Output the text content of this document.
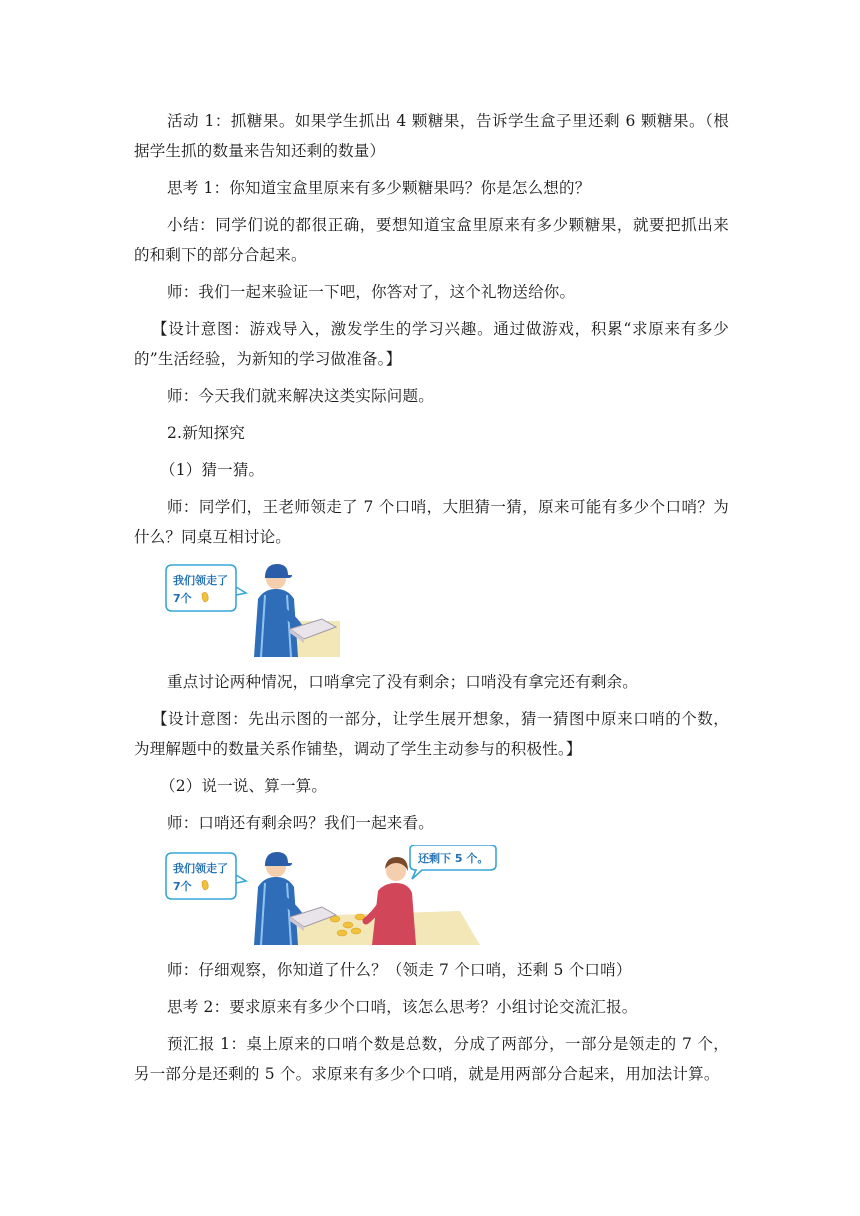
活动 1：抓糖果。如果学生抓出 4 颗糖果，告诉学生盒子里还剩 6 颗糖果。（根据学生抓的数量来告知还剩的数量）

思考 1：你知道宝盒里原来有多少颗糖果吗？你是怎么想的？

小结：同学们说的都很正确，要想知道宝盒里原来有多少颗糖果，就要把抓出来的和剩下的部分合起来。

师：我们一起来验证一下吧，你答对了，这个礼物送给你。

【设计意图：游戏导入，激发学生的学习兴趣。通过做游戏，积累“求原来有多少的”生活经验，为新知的学习做准备。】

师：今天我们就来解决这类实际问题。

2.新知探究

（1）猜一猜。

师：同学们，王老师领走了 7 个口哨，大胆猜一猜，原来可能有多少个口哨？为什么？同桌互相讨论。

我们领走了
7个

重点讨论两种情况，口哨拿完了没有剩余；口哨没有拿完还有剩余。

【设计意图：先出示图的一部分，让学生展开想象，猜一猜图中原来口哨的个数，为理解题中的数量关系作铺垫，调动了学生主动参与的积极性。】

（2）说一说、算一算。

师：口哨还有剩余吗？我们一起来看。

我们领走了
7个
还剩下 5 个。

师：仔细观察，你知道了什么？（领走 7 个口哨，还剩 5 个口哨）

思考 2：要求原来有多少个口哨，该怎么思考？小组讨论交流汇报。

预汇报 1：桌上原来的口哨个数是总数，分成了两部分，一部分是领走的 7 个，另一部分是还剩的 5 个。求原来有多少个口哨，就是用两部分合起来，用加法计算。
